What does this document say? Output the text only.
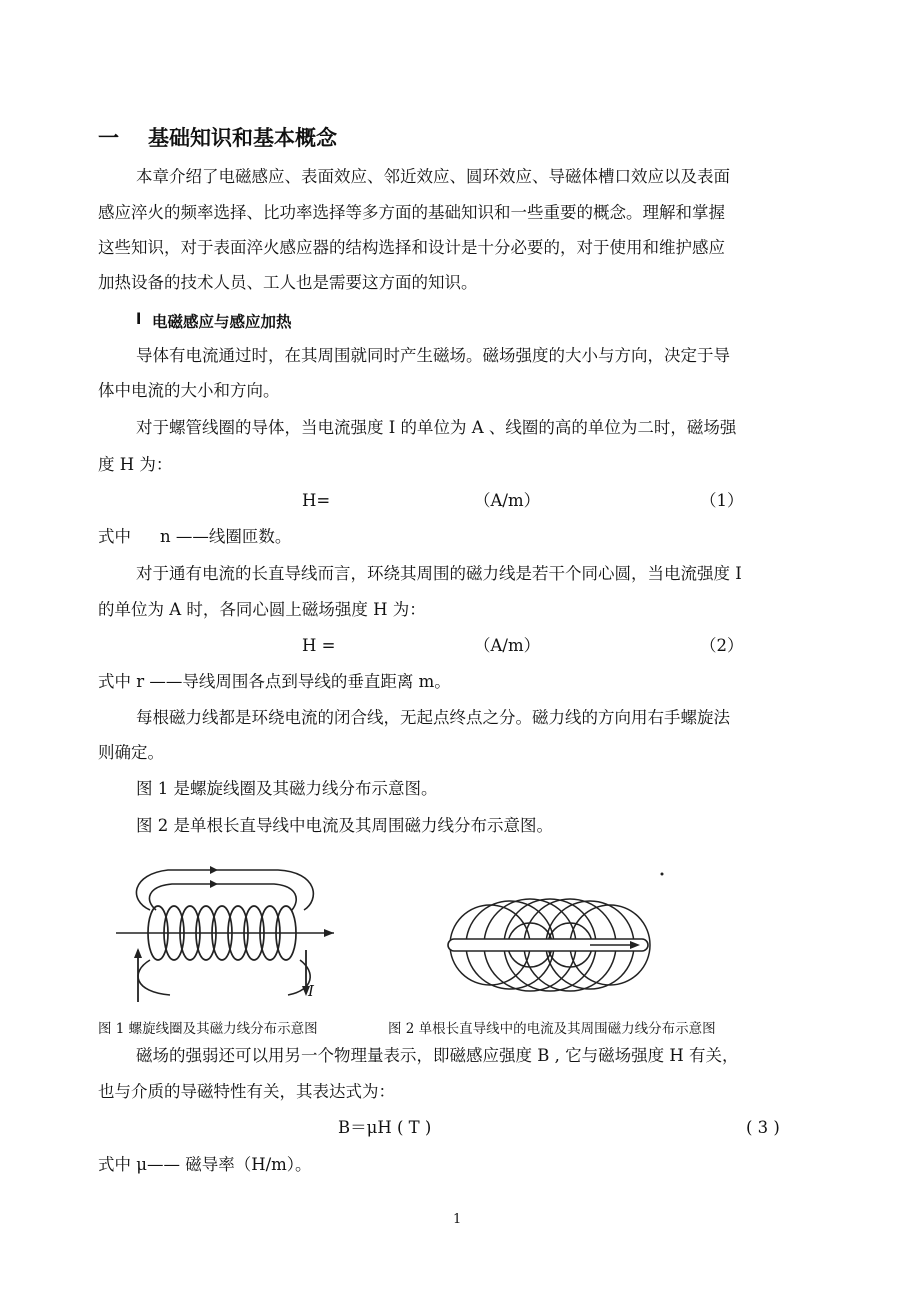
一 基础知识和基本概念
本章介绍了电磁感应、表面效应、邻近效应、圆环效应、导磁体槽口效应以及表面
感应淬火的频率选择、比功率选择等多方面的基础知识和一些重要的概念。理解和掌握
这些知识，对于表面淬火感应器的结构选择和设计是十分必要的，对于使用和维护感应
加热设备的技术人员、工人也是需要这方面的知识。
l 电磁感应与感应加热
导体有电流通过时，在其周围就同时产生磁场。磁场强度的大小与方向，决定于导
体中电流的大小和方向。
对于螺管线圈的导体，当电流强度 I 的单位为 A 、线圈的高的单位为二时，磁场强
度 H 为：
H=	（A/m）	（1）
式中 n ——线圈匝数。
对于通有电流的长直导线而言，环绕其周围的磁力线是若干个同心圆，当电流强度 I
的单位为 A 时，各同心圆上磁场强度 H 为：
H =	（A/m）	（2）
式中 r ——导线周围各点到导线的垂直距离 m。
每根磁力线都是环绕电流的闭合线，无起点终点之分。磁力线的方向用右手螺旋法
则确定。
图 1 是螺旋线圈及其磁力线分布示意图。
图 2 是单根长直导线中电流及其周围磁力线分布示意图。
I
图 1 螺旋线圈及其磁力线分布示意图	图 2 单根长直导线中的电流及其周围磁力线分布示意图
磁场的强弱还可以用另一个物理量表示，即磁感应强度 B , 它与磁场强度 H 有关，
也与介质的导磁特性有关，其表达式为：
B＝μH ( T )	( 3 )
式中 μ—— 磁导率（H/m）。
1
